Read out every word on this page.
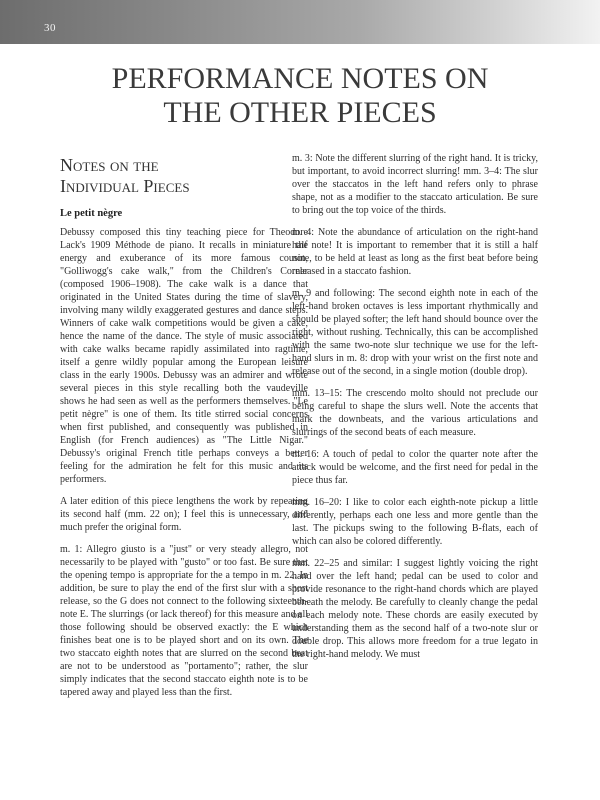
30
PERFORMANCE NOTES ON
THE OTHER PIECES
Notes on the
Individual Pieces

Le petit nègre

Debussy composed this tiny teaching piece for Theodore Lack's 1909 Méthode de piano. It recalls in miniature the energy and exuberance of its more famous cousin, "Golliwogg's cake walk," from the Children's Corner (composed 1906–1908). The cake walk is a dance that originated in the United States during the time of slavery, involving many wildly exaggerated gestures and dance steps. Winners of cake walk competitions would be given a cake, hence the name of the dance. The style of music associated with cake walks became rapidly assimilated into ragtime, itself a genre wildly popular among the European leisure class in the early 1900s. Debussy was an admirer and wrote several pieces in this style recalling both the vaudeville shows he had seen as well as the performers themselves. "Le petit nègre" is one of them. Its title stirred social concerns when first published, and consequently was published in English (for French audiences) as "The Little Nigar." Debussy's original French title perhaps conveys a better feeling for the admiration he felt for this music and its performers.

A later edition of this piece lengthens the work by repeating its second half (mm. 22 on); I feel this is unnecessary, and much prefer the original form.

m. 1: Allegro giusto is a "just" or very steady allegro, not necessarily to be played with "gusto" or too fast. Be sure that the opening tempo is appropriate for the a tempo in m. 22. In addition, be sure to play the end of the first slur with a short release, so the G does not connect to the following sixteenth-note E. The slurrings (or lack thereof) for this measure and all those following should be observed exactly: the E which finishes beat one is to be played short and on its own. The two staccato eighth notes that are slurred on the second beat are not to be understood as "portamento"; rather, the slur simply indicates that the second staccato eighth note is to be tapered away and played less than the first.

m. 3: Note the different slurring of the right hand. It is tricky, but important, to avoid incorrect slurring! mm. 3–4: The slur over the staccatos in the left hand refers only to phrase shape, not as a modifier to the staccato articulation. Be sure to bring out the top voice of the thirds.

m. 4: Note the abundance of articulation on the right-hand half note! It is important to remember that it is still a half note, to be held at least as long as the first beat before being released in a staccato fashion.

m. 9 and following: The second eighth note in each of the left-hand broken octaves is less important rhythmically and should be played softer; the left hand should bounce over the right, without rushing. Technically, this can be accomplished with the same two-note slur technique we use for the left-hand slurs in m. 8: drop with your wrist on the first note and release out of the second, in a single motion (double drop).

mm. 13–15: The crescendo molto should not preclude our being careful to shape the slurs well. Note the accents that mark the downbeats, and the various articulations and slurrings of the second beats of each measure.

m. 16: A touch of pedal to color the quarter note after the attack would be welcome, and the first need for pedal in the piece thus far.

mm. 16–20: I like to color each eighth-note pickup a little differently, perhaps each one less and more gentle than the last. The pickups swing to the following B-flats, each of which can also be colored differently.

mm. 22–25 and similar: I suggest lightly voicing the right hand over the left hand; pedal can be used to color and provide resonance to the right-hand chords which are played beneath the melody. Be carefully to cleanly change the pedal on each melody note. These chords are easily executed by understanding them as the second half of a two-note slur or double drop. This allows more freedom for a true legato in the right-hand melody. We must
